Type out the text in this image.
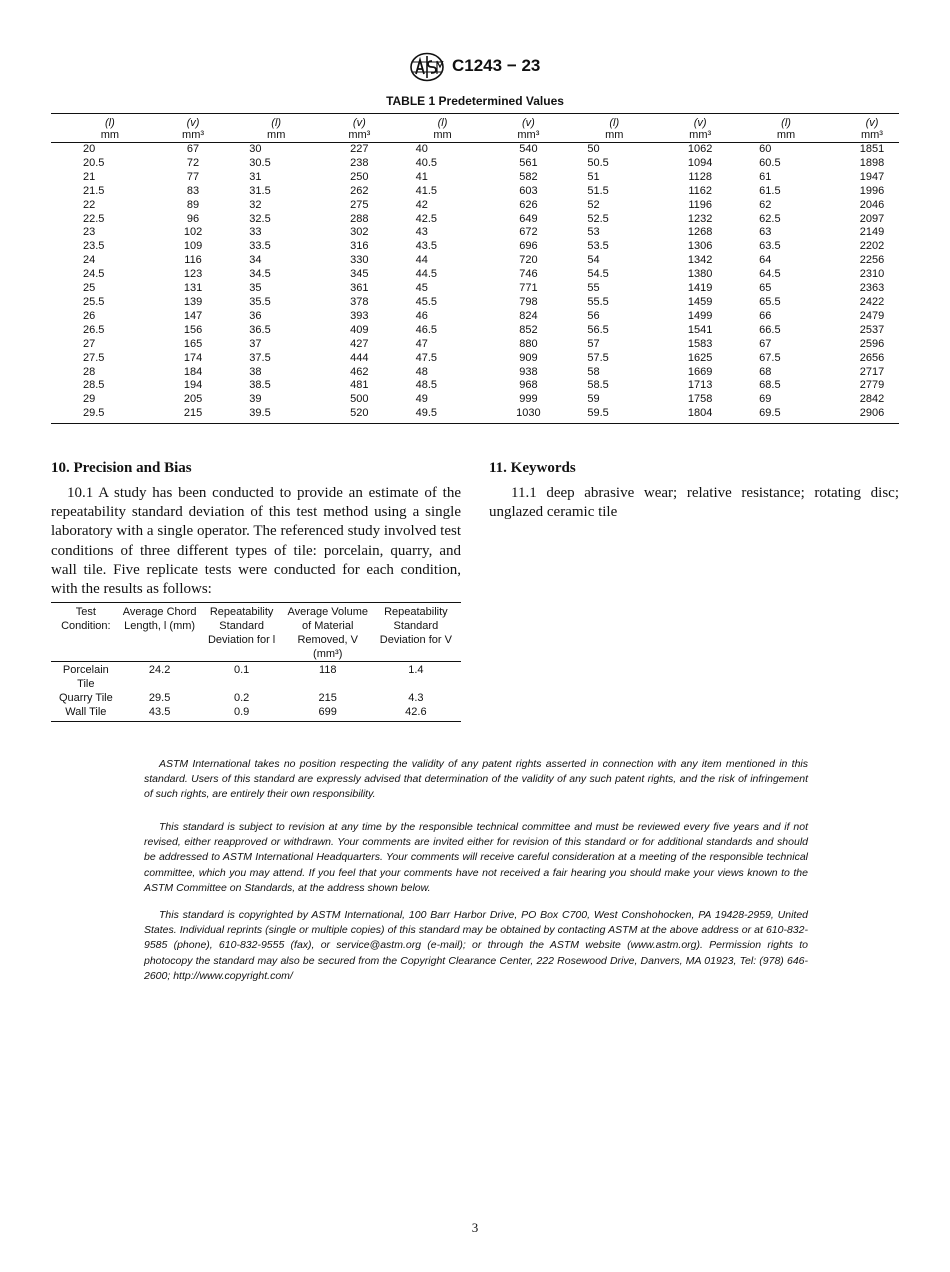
C1243 − 23
TABLE 1 Predetermined Values
(l)	(v)	(l)	(v)	(l)	(v)	(l)	(v)	(l)	(v)
mm	mm³	mm	mm³	mm	mm³	mm	mm³	mm	mm³
20	67	30	227	40	540	50	1062	60	1851
20.5	72	30.5	238	40.5	561	50.5	1094	60.5	1898
21	77	31	250	41	582	51	1128	61	1947
21.5	83	31.5	262	41.5	603	51.5	1162	61.5	1996
22	89	32	275	42	626	52	1196	62	2046
22.5	96	32.5	288	42.5	649	52.5	1232	62.5	2097
23	102	33	302	43	672	53	1268	63	2149
23.5	109	33.5	316	43.5	696	53.5	1306	63.5	2202
24	116	34	330	44	720	54	1342	64	2256
24.5	123	34.5	345	44.5	746	54.5	1380	64.5	2310
25	131	35	361	45	771	55	1419	65	2363
25.5	139	35.5	378	45.5	798	55.5	1459	65.5	2422
26	147	36	393	46	824	56	1499	66	2479
26.5	156	36.5	409	46.5	852	56.5	1541	66.5	2537
27	165	37	427	47	880	57	1583	67	2596
27.5	174	37.5	444	47.5	909	57.5	1625	67.5	2656
28	184	38	462	48	938	58	1669	68	2717
28.5	194	38.5	481	48.5	968	58.5	1713	68.5	2779
29	205	39	500	49	999	59	1758	69	2842
29.5	215	39.5	520	49.5	1030	59.5	1804	69.5	2906
10. Precision and Bias

10.1 A study has been conducted to provide an estimate of the repeatability standard deviation of this test method using a single laboratory with a single operator. The referenced study involved test conditions of three different types of tile: porcelain, quarry, and wall tile. Five replicate tests were conducted for each condition, with the results as follows:

Test Condition:	Average Chord Length, l (mm)	Repeatability Standard Deviation for l	Average Volume of Material Removed, V (mm³)	Repeatability Standard Deviation for V
Porcelain Tile	24.2	0.1	118	1.4
Quarry Tile	29.5	0.2	215	4.3
Wall Tile	43.5	0.9	699	42.6
11. Keywords

11.1 deep abrasive wear; relative resistance; rotating disc; unglazed ceramic tile

ASTM International takes no position respecting the validity of any patent rights asserted in connection with any item mentioned in this standard. Users of this standard are expressly advised that determination of the validity of any such patent rights, and the risk of infringement of such rights, are entirely their own responsibility.

This standard is subject to revision at any time by the responsible technical committee and must be reviewed every five years and if not revised, either reapproved or withdrawn. Your comments are invited either for revision of this standard or for additional standards and should be addressed to ASTM International Headquarters. Your comments will receive careful consideration at a meeting of the responsible technical committee, which you may attend. If you feel that your comments have not received a fair hearing you should make your views known to the ASTM Committee on Standards, at the address shown below.

This standard is copyrighted by ASTM International, 100 Barr Harbor Drive, PO Box C700, West Conshohocken, PA 19428-2959, United States. Individual reprints (single or multiple copies) of this standard may be obtained by contacting ASTM at the above address or at 610-832-9585 (phone), 610-832-9555 (fax), or service@astm.org (e-mail); or through the ASTM website (www.astm.org). Permission rights to photocopy the standard may also be secured from the Copyright Clearance Center, 222 Rosewood Drive, Danvers, MA 01923, Tel: (978) 646-2600; http://www.copyright.com/

3
